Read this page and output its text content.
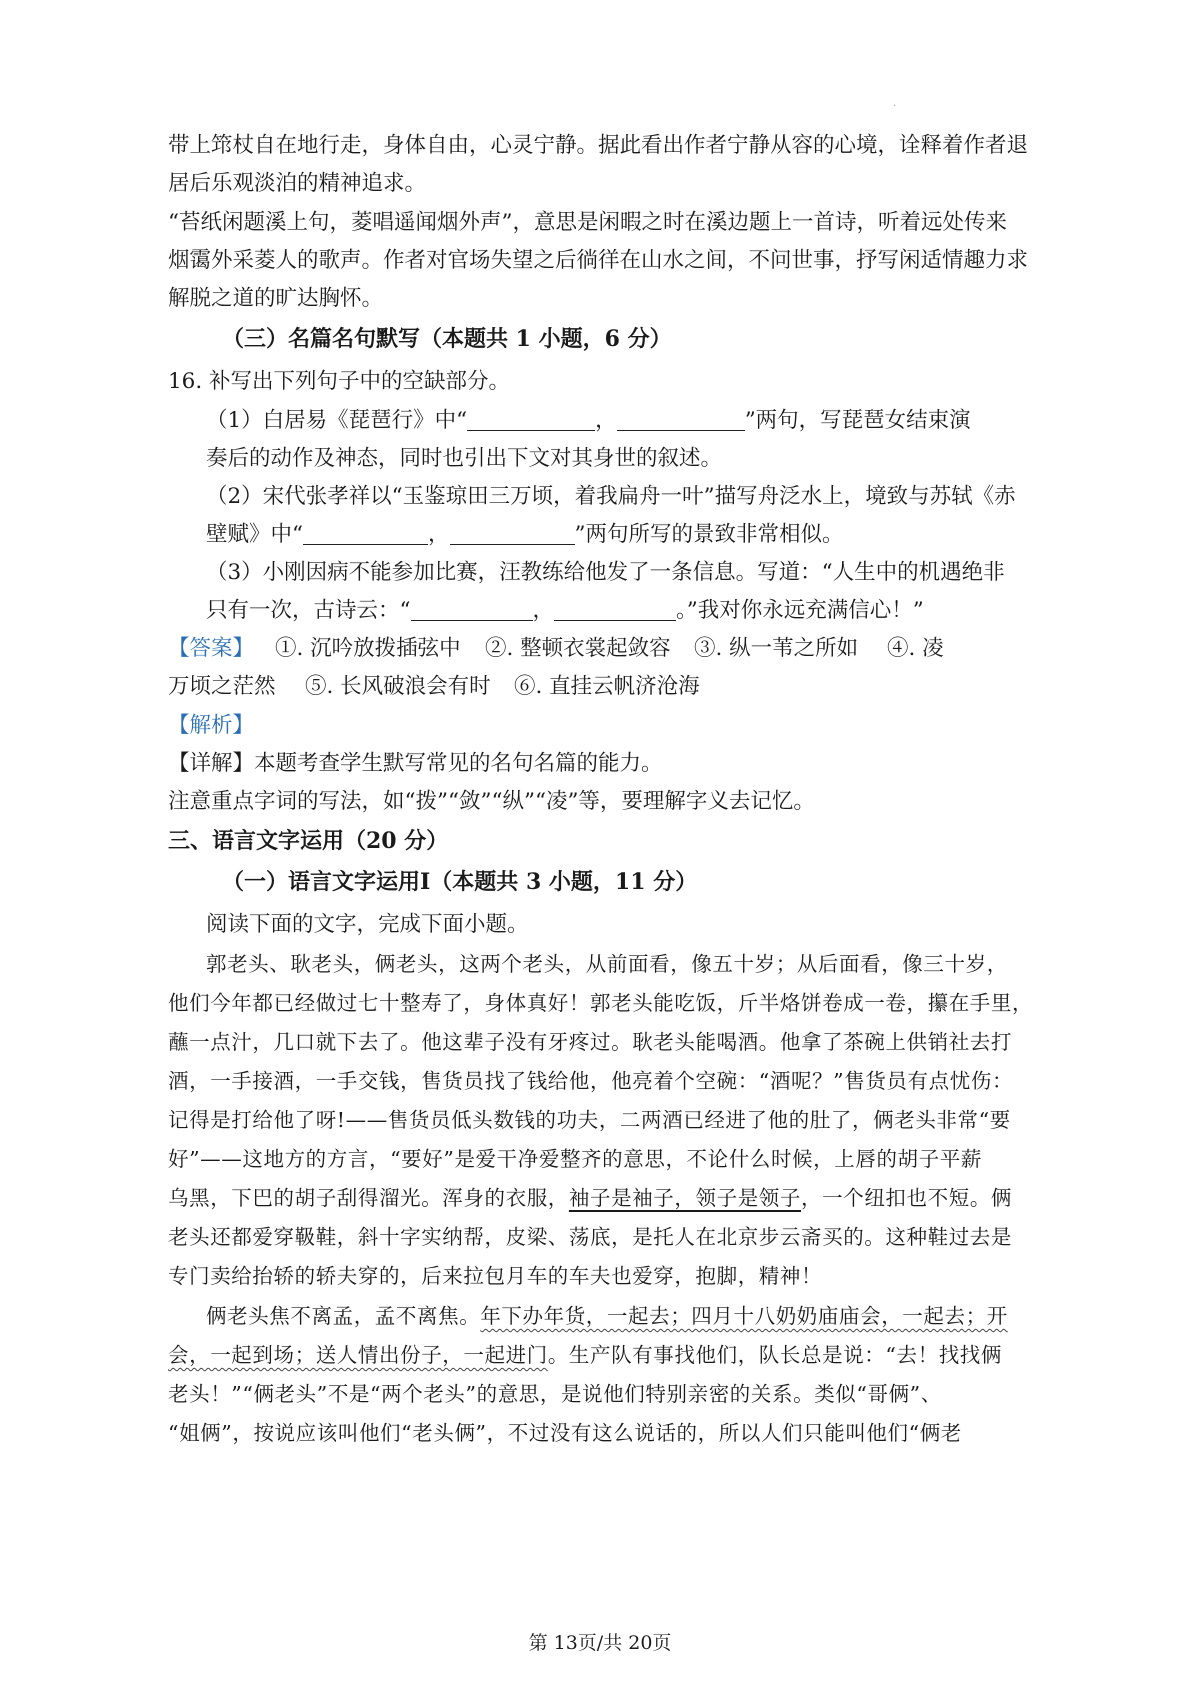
.
带上筇杖自在地行走，身体自由，心灵宁静。据此看出作者宁静从容的心境，诠释着作者退
居后乐观淡泊的精神追求。
“苔纸闲题溪上句，菱唱遥闻烟外声”，意思是闲暇之时在溪边题上一首诗，听着远处传来
烟霭外采菱人的歌声。作者对官场失望之后徜徉在山水之间，不问世事，抒写闲适情趣力求
解脱之道的旷达胸怀。
（三）名篇名句默写（本题共 1 小题，6 分）
16. 补写出下列句子中的空缺部分。
（1）白居易《琵琶行》中“	，	”两句，写琵琶女结束演
奏后的动作及神态，同时也引出下文对其身世的叙述。
（2）宋代张孝祥以“玉鉴琼田三万顷，着我扁舟一叶”描写舟泛水上，境致与苏轼《赤
壁赋》中“	，	”两句所写的景致非常相似。
（3）小刚因病不能参加比赛，汪教练给他发了一条信息。写道：“人生中的机遇绝非
只有一次，古诗云：“	，	。”我对你永远充满信心！”
【答案】 ①. 沉吟放拨插弦中 ②. 整顿衣裳起敛容 ③. 纵一苇之所如 ④. 凌
万顷之茫然 ⑤. 长风破浪会有时 ⑥. 直挂云帆济沧海
【解析】
【详解】本题考查学生默写常见的名句名篇的能力。
注意重点字词的写法，如“拨”“敛”“纵”“凌”等，要理解字义去记忆。
三、语言文字运用（20 分）
（一）语言文字运用Ⅰ（本题共 3 小题，11 分）
阅读下面的文字，完成下面小题。
郭老头、耿老头，俩老头，这两个老头，从前面看，像五十岁；从后面看，像三十岁，
他们今年都已经做过七十整寿了，身体真好！郭老头能吃饭，斤半烙饼卷成一卷，攥在手里，
蘸一点汁，几口就下去了。他这辈子没有牙疼过。耿老头能喝酒。他拿了茶碗上供销社去打
酒，一手接酒，一手交钱，售货员找了钱给他，他亮着个空碗：“酒呢？”售货员有点忧伤：
记得是打给他了呀!——售货员低头数钱的功夫，二两酒已经进了他的肚了，俩老头非常“要
好”——这地方的方言，“要好”是爱干净爱整齐的意思，不论什么时候，上唇的胡子平薪
乌黑，下巴的胡子刮得溜光。浑身的衣服，袖子是袖子，领子是领子，一个纽扣也不短。俩
老头还都爱穿靸鞋，斜十字实纳帮，皮梁、荡底，是托人在北京步云斋买的。这种鞋过去是
专门卖给抬轿的轿夫穿的，后来拉包月车的车夫也爱穿，抱脚，精神！
俩老头焦不离孟，孟不离焦。年下办年货，一起去；四月十八奶奶庙庙会，一起去；开
会，一起到场；送人情出份子，一起进门。生产队有事找他们，队长总是说：“去！找找俩
老头！”“俩老头”不是“两个老头”的意思，是说他们特别亲密的关系。类似“哥俩”、
“姐俩”，按说应该叫他们“老头俩”，不过没有这么说话的，所以人们只能叫他们“俩老
第 13页/共 20页
